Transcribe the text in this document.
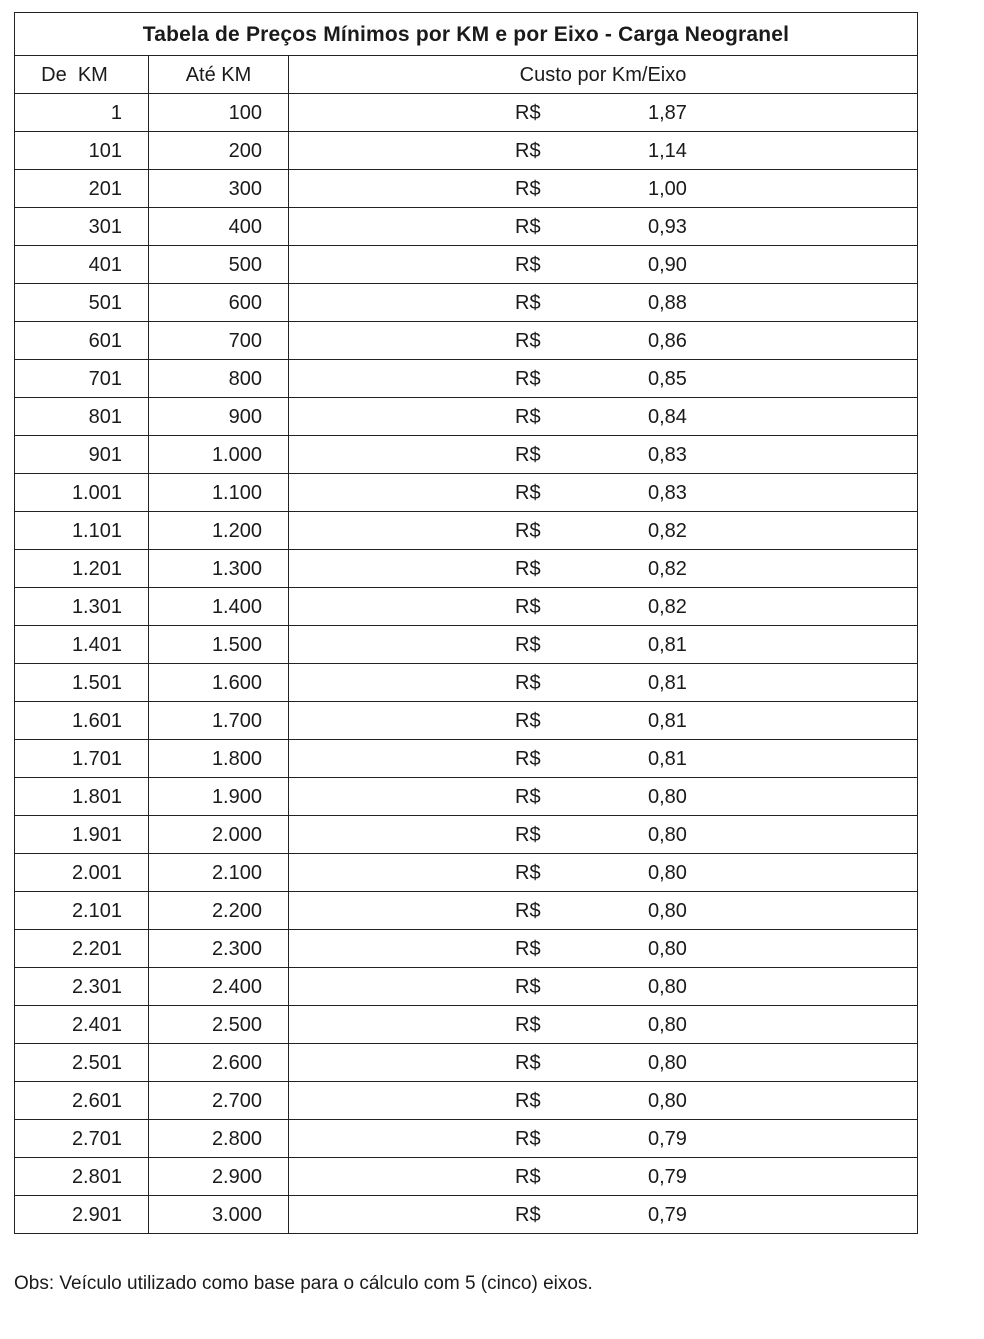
Tabela de Preços Mínimos por KM e por Eixo - Carga Neogranel		
De  KM	Até KM	Custo por Km/Eixo
1	100	R$ 1,87

101	200	R$ 1,14

201	300	R$ 1,00

301	400	R$ 0,93

401	500	R$ 0,90

501	600	R$ 0,88

601	700	R$ 0,86

701	800	R$ 0,85

801	900	R$ 0,84

901	1.000	R$ 0,83

1.001	1.100	R$ 0,83

1.101	1.200	R$ 0,82

1.201	1.300	R$ 0,82

1.301	1.400	R$ 0,82

1.401	1.500	R$ 0,81

1.501	1.600	R$ 0,81

1.601	1.700	R$ 0,81

1.701	1.800	R$ 0,81

1.801	1.900	R$ 0,80

1.901	2.000	R$ 0,80

2.001	2.100	R$ 0,80

2.101	2.200	R$ 0,80

2.201	2.300	R$ 0,80

2.301	2.400	R$ 0,80

2.401	2.500	R$ 0,80

2.501	2.600	R$ 0,80

2.601	2.700	R$ 0,80

2.701	2.800	R$ 0,79

2.801	2.900	R$ 0,79

2.901	3.000	R$ 0,79
Obs: Veículo utilizado como base para o cálculo com 5 (cinco) eixos.
